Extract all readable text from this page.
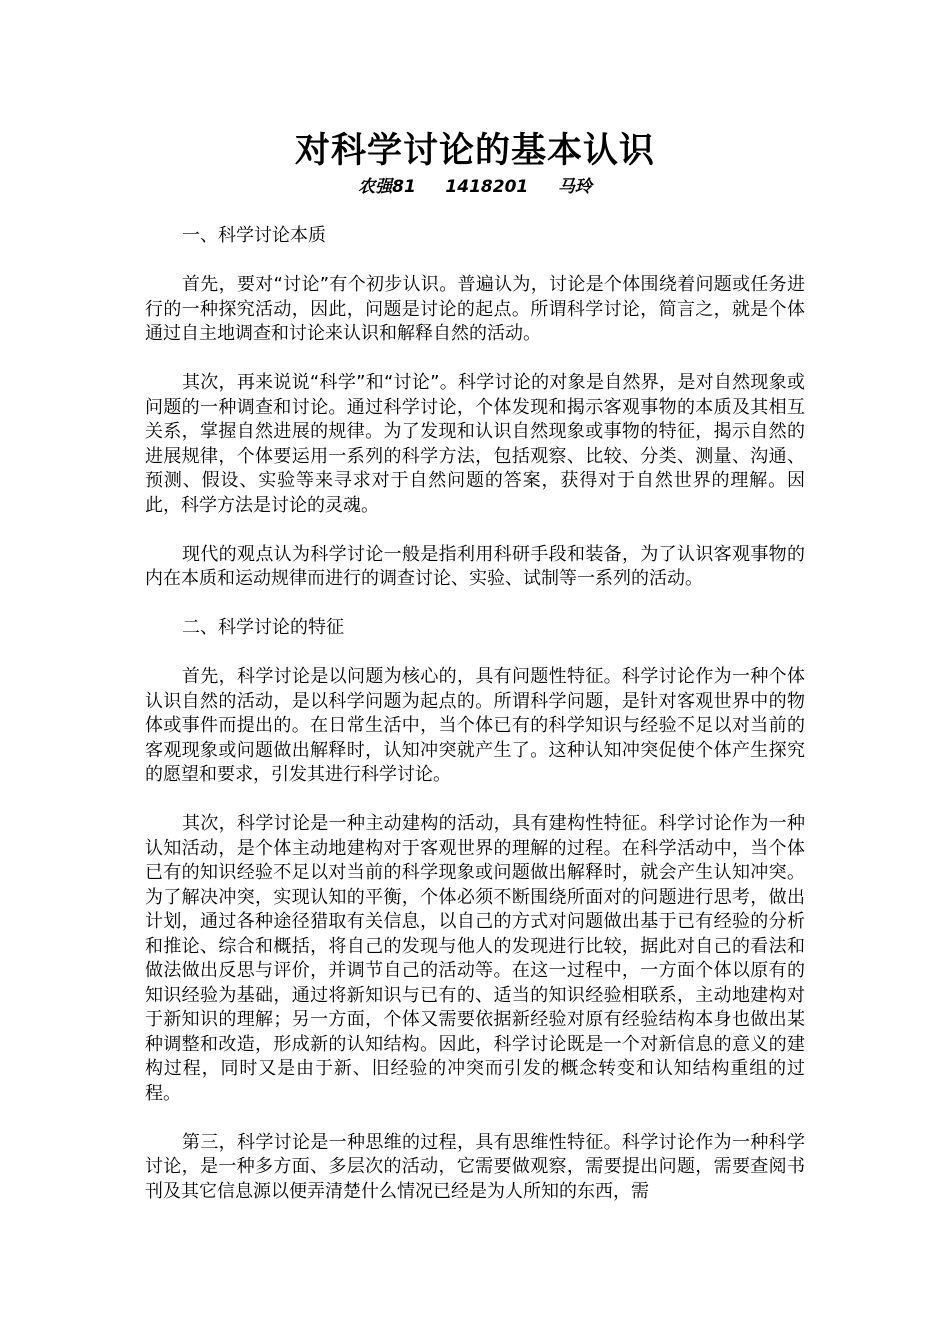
对科学讨论的基本认识
农强81     1418201     马玲
一、科学讨论本质

首先，要对“讨论”有个初步认识。普遍认为，讨论是个体围绕着问题或任务进行的一种探究活动，因此，问题是讨论的起点。所谓科学讨论，简言之，就是个体通过自主地调查和讨论来认识和解释自然的活动。

其次，再来说说“科学”和“讨论”。科学讨论的对象是自然界，是对自然现象或问题的一种调查和讨论。通过科学讨论，个体发现和揭示客观事物的本质及其相互关系，掌握自然进展的规律。为了发现和认识自然现象或事物的特征，揭示自然的进展规律，个体要运用一系列的科学方法，包括观察、比较、分类、测量、沟通、预测、假设、实验等来寻求对于自然问题的答案，获得对于自然世界的理解。因此，科学方法是讨论的灵魂。

现代的观点认为科学讨论一般是指利用科研手段和装备，为了认识客观事物的内在本质和运动规律而进行的调查讨论、实验、试制等一系列的活动。

二、科学讨论的特征

首先，科学讨论是以问题为核心的，具有问题性特征。科学讨论作为一种个体认识自然的活动，是以科学问题为起点的。所谓科学问题，是针对客观世界中的物体或事件而提出的。在日常生活中，当个体已有的科学知识与经验不足以对当前的客观现象或问题做出解释时，认知冲突就产生了。这种认知冲突促使个体产生探究的愿望和要求，引发其进行科学讨论。

其次，科学讨论是一种主动建构的活动，具有建构性特征。科学讨论作为一种认知活动，是个体主动地建构对于客观世界的理解的过程。在科学活动中，当个体已有的知识经验不足以对当前的科学现象或问题做出解释时，就会产生认知冲突。为了解决冲突，实现认知的平衡，个体必须不断围绕所面对的问题进行思考，做出计划，通过各种途径猎取有关信息，以自己的方式对问题做出基于已有经验的分析和推论、综合和概括，将自己的发现与他人的发现进行比较，据此对自己的看法和做法做出反思与评价，并调节自己的活动等。在这一过程中，一方面个体以原有的知识经验为基础，通过将新知识与已有的、适当的知识经验相联系，主动地建构对于新知识的理解；另一方面，个体又需要依据新经验对原有经验结构本身也做出某种调整和改造，形成新的认知结构。因此，科学讨论既是一个对新信息的意义的建构过程，同时又是由于新、旧经验的冲突而引发的概念转变和认知结构重组的过程。

第三，科学讨论是一种思维的过程，具有思维性特征。科学讨论作为一种科学讨论，是一种多方面、多层次的活动，它需要做观察，需要提出问题，需要查阅书刊及其它信息源以便弄清楚什么情况已经是为人所知的东西，需
